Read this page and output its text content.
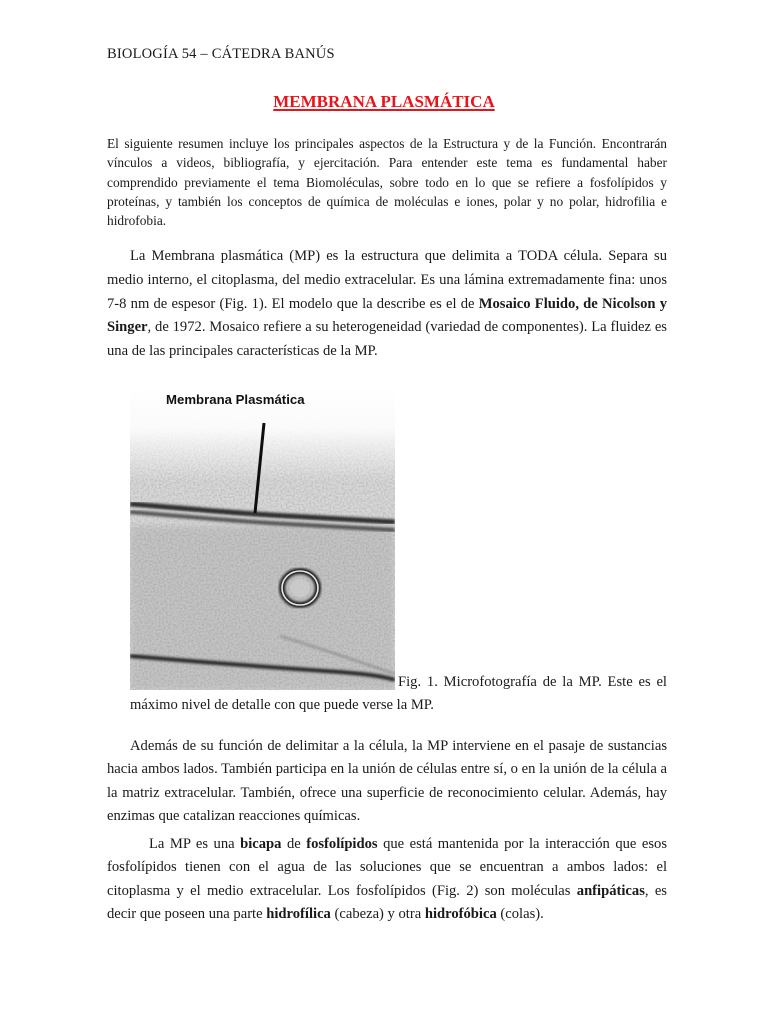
BIOLOGÍA 54 – CÁTEDRA BANÚS
MEMBRANA PLASMÁTICA

El siguiente resumen incluye los principales aspectos de la Estructura y de la Función. Encontrarán vínculos a videos, bibliografía, y ejercitación. Para entender este tema es fundamental haber comprendido previamente el tema Biomoléculas, sobre todo en lo que se refiere a fosfolípidos y proteínas, y también los conceptos de química de moléculas e iones, polar y no polar, hidrofilia e hidrofobia.

La Membrana plasmática (MP) es la estructura que delimita a TODA célula. Separa su medio interno, el citoplasma, del medio extracelular. Es una lámina extremadamente fina: unos 7-8 nm de espesor (Fig. 1). El modelo que la describe es el de Mosaico Fluido, de Nicolson y Singer, de 1972. Mosaico refiere a su heterogeneidad (variedad de componentes). La fluidez es una de las principales características de la MP.

Membrana Plasmática

Fig. 1. Microfotografía de la MP. Este es el máximo nivel de detalle con que puede verse la MP.

Además de su función de delimitar a la célula, la MP interviene en el pasaje de sustancias hacia ambos lados. También participa en la unión de células entre sí, o en la unión de la célula a la matriz extracelular. También, ofrece una superficie de reconocimiento celular. Además, hay enzimas que catalizan reacciones químicas.

La MP es una bicapa de fosfolípidos que está mantenida por la interacción que esos fosfolípidos tienen con el agua de las soluciones que se encuentran a ambos lados: el citoplasma y el medio extracelular. Los fosfolípidos (Fig. 2) son moléculas anfipáticas, es decir que poseen una parte hidrofílica (cabeza) y otra hidrofóbica (colas).
